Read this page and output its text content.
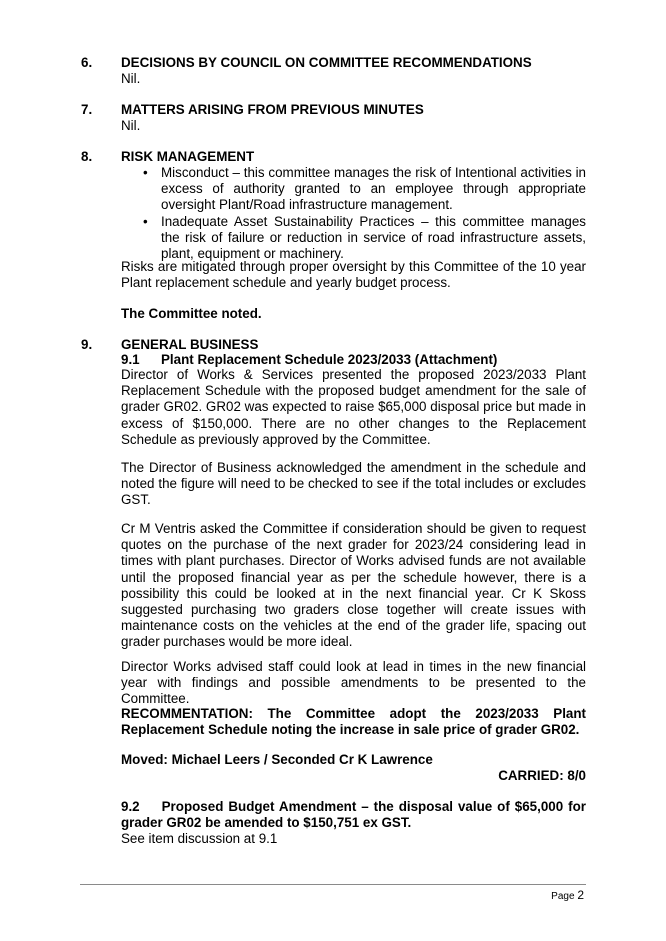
6. DECISIONS BY COUNCIL ON COMMITTEE RECOMMENDATIONS
Nil.
7. MATTERS ARISING FROM PREVIOUS MINUTES
Nil.
8. RISK MANAGEMENT
• Misconduct – this committee manages the risk of Intentional activities in excess of authority granted to an employee through appropriate oversight Plant/Road infrastructure management.
• Inadequate Asset Sustainability Practices – this committee manages the risk of failure or reduction in service of road infrastructure assets, plant, equipment or machinery.
Risks are mitigated through proper oversight by this Committee of the 10 year Plant replacement schedule and yearly budget process.
The Committee noted.
9. GENERAL BUSINESS
9.1 Plant Replacement Schedule 2023/2033 (Attachment)
Director of Works & Services presented the proposed 2023/2033 Plant Replacement Schedule with the proposed budget amendment for the sale of grader GR02. GR02 was expected to raise $65,000 disposal price but made in excess of $150,000. There are no other changes to the Replacement Schedule as previously approved by the Committee.
The Director of Business acknowledged the amendment in the schedule and noted the figure will need to be checked to see if the total includes or excludes GST.
Cr M Ventris asked the Committee if consideration should be given to request quotes on the purchase of the next grader for 2023/24 considering lead in times with plant purchases. Director of Works advised funds are not available until the proposed financial year as per the schedule however, there is a possibility this could be looked at in the next financial year. Cr K Skoss suggested purchasing two graders close together will create issues with maintenance costs on the vehicles at the end of the grader life, spacing out grader purchases would be more ideal.
Director Works advised staff could look at lead in times in the new financial year with findings and possible amendments to be presented to the Committee.
RECOMMENTATION: The Committee adopt the 2023/2033 Plant Replacement Schedule noting the increase in sale price of grader GR02.
Moved: Michael Leers / Seconded Cr K Lawrence
CARRIED: 8/0
9.2 Proposed Budget Amendment – the disposal value of $65,000 for grader GR02 be amended to $150,751 ex GST.
See item discussion at 9.1
Page 2
